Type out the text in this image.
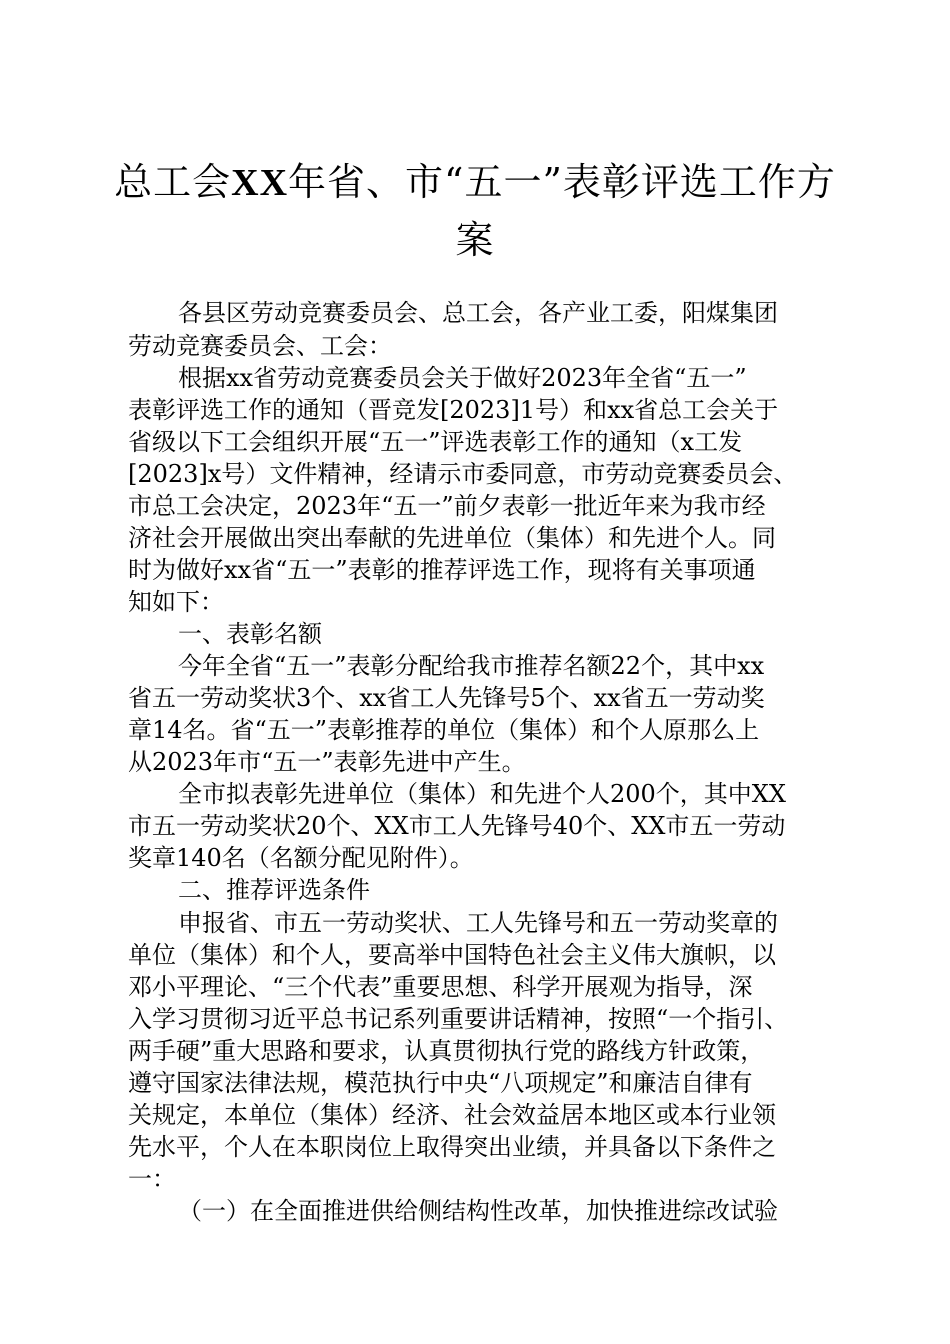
总工会XX年省、市“五一”表彰评选工作方
案

各县区劳动竞赛委员会、总工会，各产业工委，阳煤集团

劳动竞赛委员会、工会：

根据xx省劳动竞赛委员会关于做好2023年全省“五一”

表彰评选工作的通知（晋竞发[2023]1号）和xx省总工会关于

省级以下工会组织开展“五一”评选表彰工作的通知（x工发

[2023]x号）文件精神，经请示市委同意，市劳动竞赛委员会、

市总工会决定，2023年“五一”前夕表彰一批近年来为我市经

济社会开展做出突出奉献的先进单位（集体）和先进个人。同

时为做好xx省“五一”表彰的推荐评选工作，现将有关事项通

知如下：

一、表彰名额

今年全省“五一”表彰分配给我市推荐名额22个，其中xx

省五一劳动奖状3个、xx省工人先锋号5个、xx省五一劳动奖

章14名。省“五一”表彰推荐的单位（集体）和个人原那么上

从2023年市“五一”表彰先进中产生。

全市拟表彰先进单位（集体）和先进个人200个，其中XX

市五一劳动奖状20个、XX市工人先锋号40个、XX市五一劳动

奖章140名（名额分配见附件）。

二、推荐评选条件

申报省、市五一劳动奖状、工人先锋号和五一劳动奖章的

单位（集体）和个人，要高举中国特色社会主义伟大旗帜，以

邓小平理论、“三个代表”重要思想、科学开展观为指导，深

入学习贯彻习近平总书记系列重要讲话精神，按照“一个指引、

两手硬”重大思路和要求，认真贯彻执行党的路线方针政策，

遵守国家法律法规，模范执行中央“八项规定”和廉洁自律有

关规定，本单位（集体）经济、社会效益居本地区或本行业领

先水平，个人在本职岗位上取得突出业绩，并具备以下条件之

一：

（一）在全面推进供给侧结构性改革，加快推进综改试验
